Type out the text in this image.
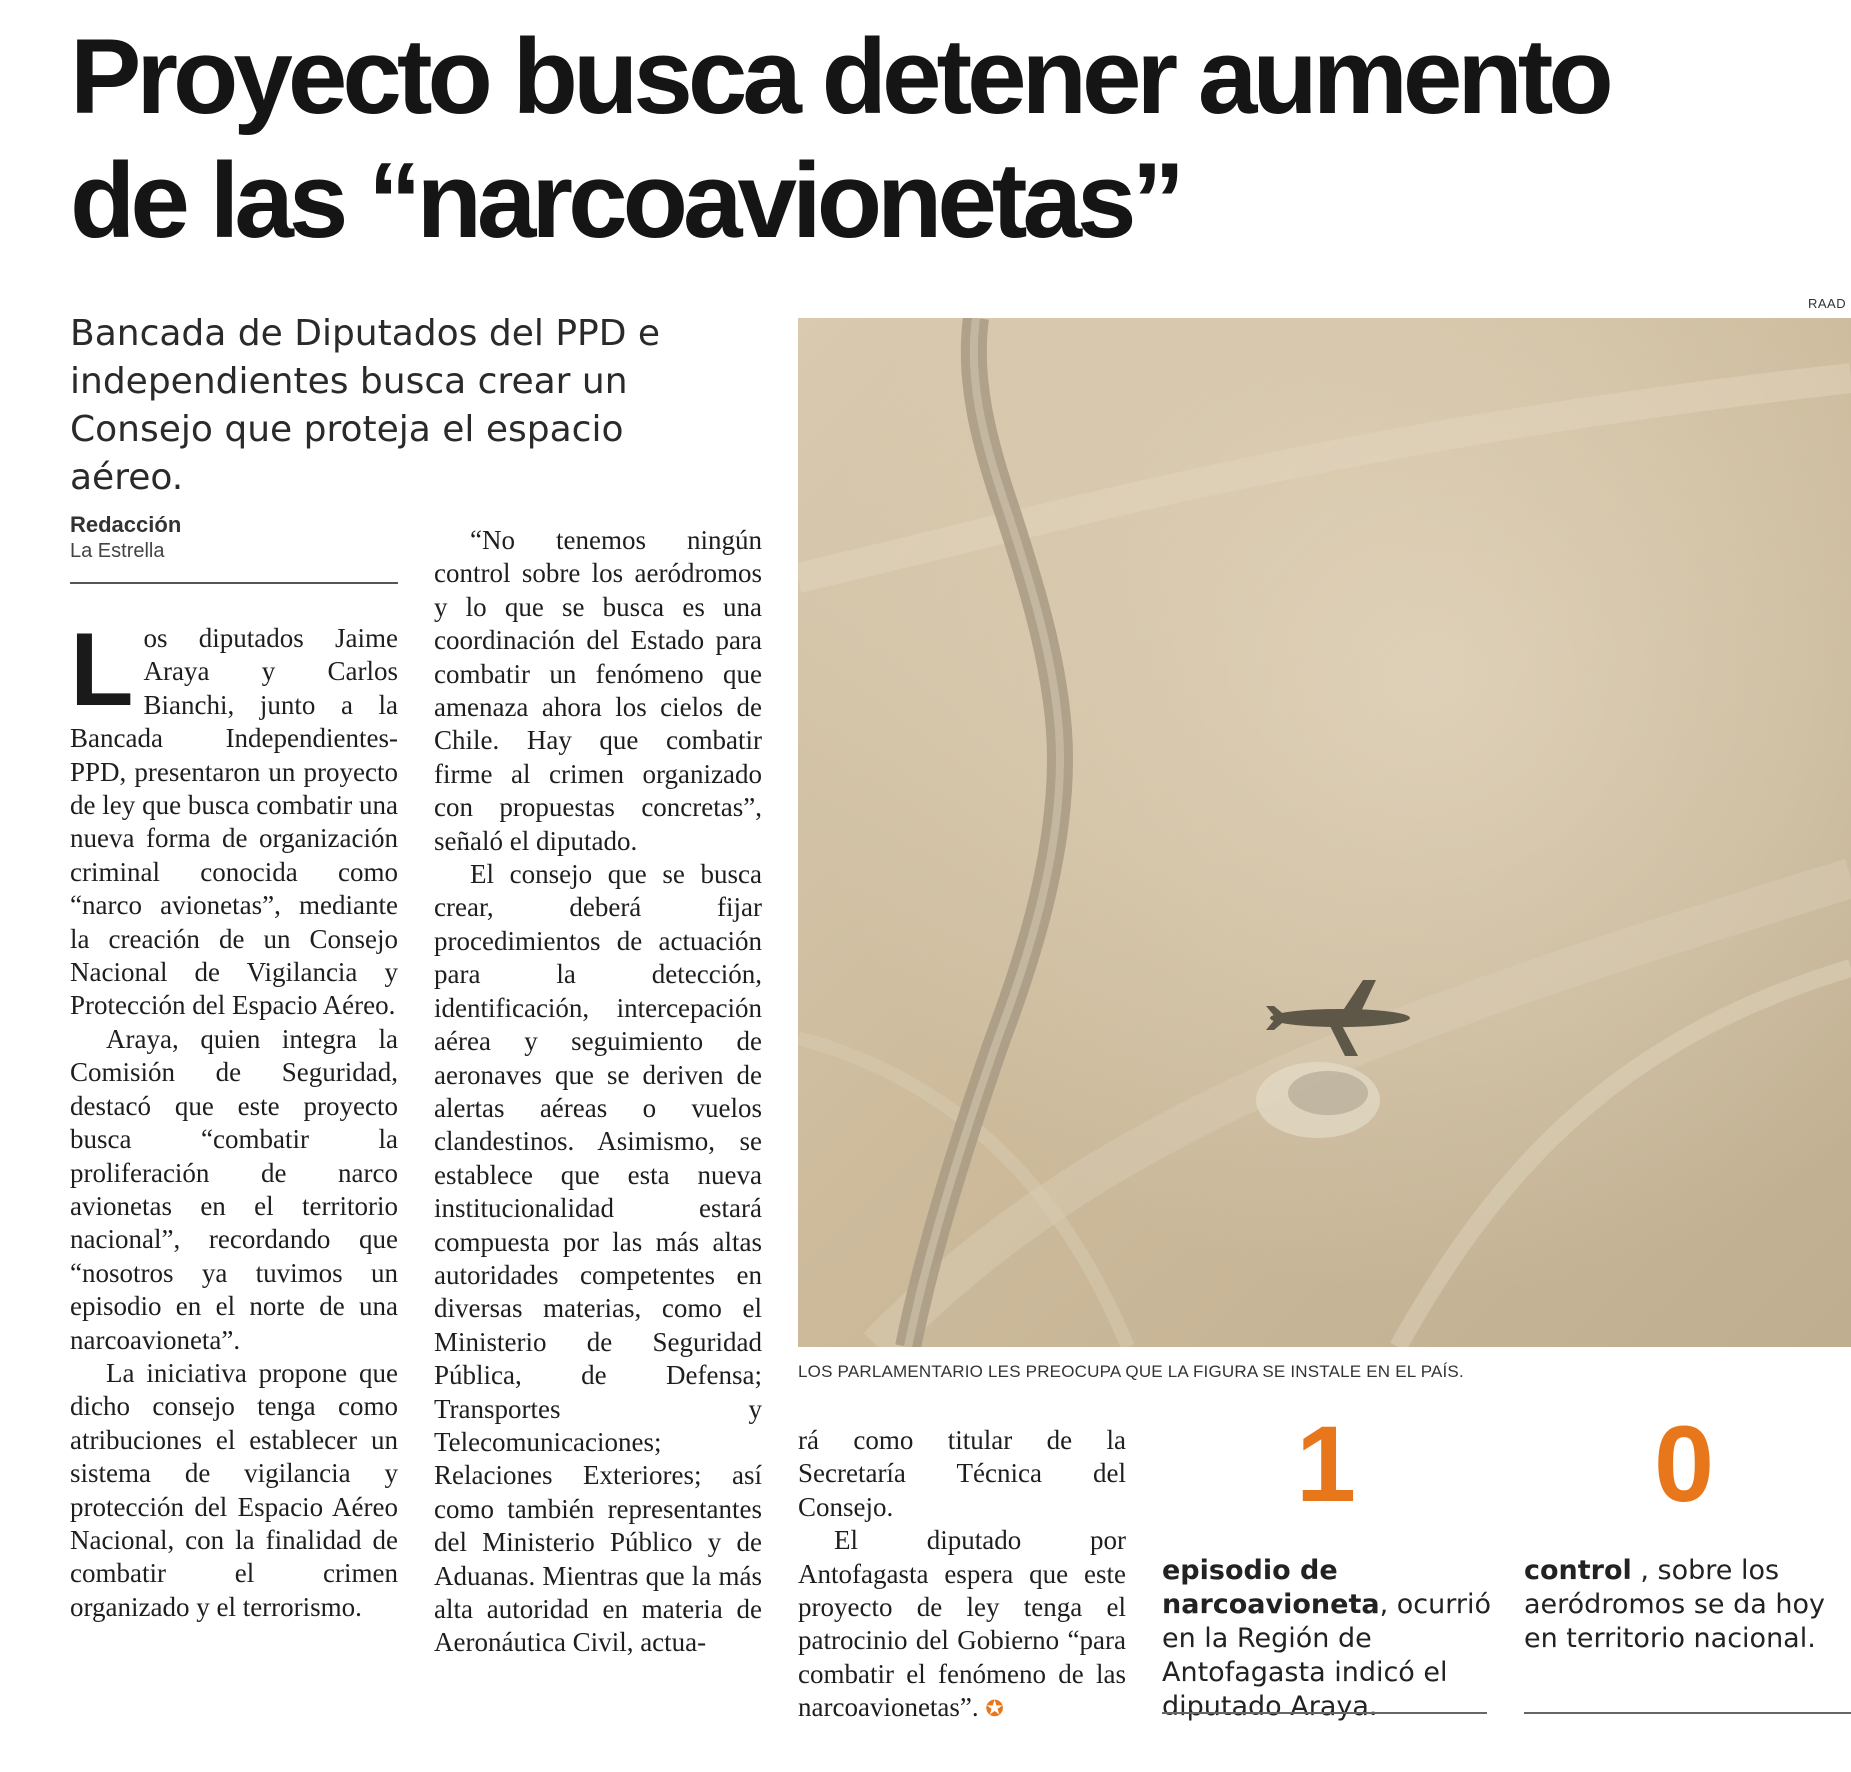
Proyecto busca detener aumento
de las “narcoavionetas”
Bancada de Diputados del PPD e independientes busca crear un Consejo que proteja el espacio aéreo.
Redacción
La Estrella

Los diputados Jaime Araya y Carlos Bianchi, junto a la Bancada Independientes-PPD, presentaron un proyecto de ley que busca combatir una nueva forma de organización criminal conocida como “narco avionetas”, mediante la creación de un Consejo Nacional de Vigilancia y Protección del Espacio Aéreo.

Araya, quien integra la Comisión de Seguridad, destacó que este proyecto busca “combatir la proliferación de narco avionetas en el territorio nacional”, recordando que “nosotros ya tuvimos un episodio en el norte de una narcoavioneta”.

La iniciativa propone que dicho consejo tenga como atribuciones el establecer un sistema de vigilancia y protección del Espacio Aéreo Nacional, con la finalidad de combatir el crimen organizado y el terrorismo.

“No tenemos ningún control sobre los aeródromos y lo que se busca es una coordinación del Estado para combatir un fenómeno que amenaza ahora los cielos de Chile. Hay que combatir firme al crimen organizado con propuestas concretas”, señaló el diputado.

El consejo que se busca crear, deberá fijar procedimientos de actuación para la detección, identificación, intercepación aérea y seguimiento de aeronaves que se deriven de alertas aéreas o vuelos clandestinos. Asimismo, se establece que esta nueva institucionalidad estará compuesta por las más altas autoridades competentes en diversas materias, como el Ministerio de Seguridad Pública, de Defensa; Transportes y Telecomunicaciones; Relaciones Exteriores; así como también representantes del Ministerio Público y de Aduanas. Mientras que la más alta autoridad en materia de Aeronáutica Civil, actua-

rá como titular de la Secretaría Técnica del Consejo.

El diputado por Antofagasta espera que este proyecto de ley tenga el patrocinio del Gobierno “para combatir el fenómeno de las narcoavionetas”. ✪

RAAD
LOS PARLAMENTARIO LES PREOCUPA QUE LA FIGURA SE INSTALE EN EL PAÍS.
1
episodio de narcoavioneta, ocurrió en la Región de Antofagasta indicó el diputado Araya.
0
control , sobre los aeródromos se da hoy en territorio nacional.
